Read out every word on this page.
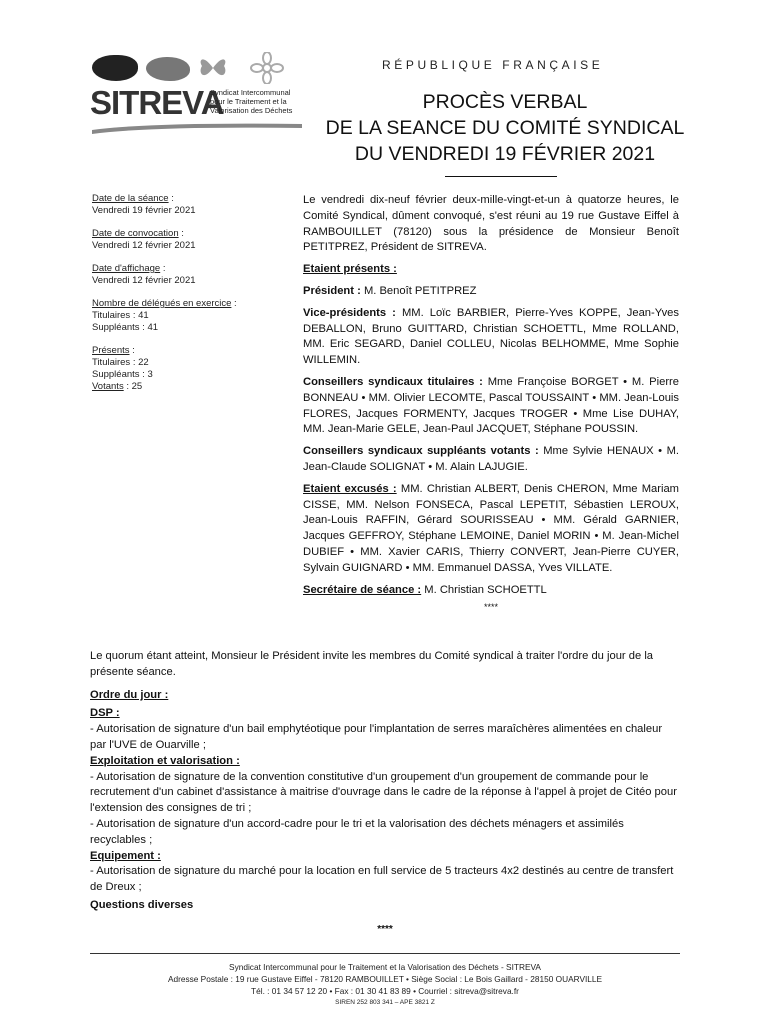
SITREVA
Syndicat Intercommunal
pour le Traitement et la
Valorisation des Déchets
RÉPUBLIQUE FRANÇAISE
PROCÈS VERBAL
DE LA SEANCE DU COMITÉ SYNDICAL
DU VENDREDI 19 FÉVRIER 2021
Date de la séance :
Vendredi 19 février 2021
Date de convocation :
Vendredi 12 février 2021
Date d'affichage :
Vendredi 12 février 2021
Nombre de délégués en exercice :
Titulaires : 41
Suppléants : 41
Présents :
Titulaires : 22
Suppléants : 3
Votants : 25

Le vendredi dix-neuf février deux-mille-vingt-et-un à quatorze heures, le Comité Syndical, dûment convoqué, s'est réuni au 19 rue Gustave Eiffel à RAMBOUILLET (78120) sous la présidence de Monsieur Benoît PETITPREZ, Président de SITREVA.

Etaient présents :

Président : M. Benoît PETITPREZ

Vice-présidents : MM. Loïc BARBIER, Pierre-Yves KOPPE, Jean-Yves DEBALLON, Bruno GUITTARD, Christian SCHOETTL, Mme ROLLAND, MM. Eric SEGARD, Daniel COLLEU, Nicolas BELHOMME, Mme Sophie WILLEMIN.

Conseillers syndicaux titulaires : Mme Françoise BORGET • M. Pierre BONNEAU • MM. Olivier LECOMTE, Pascal TOUSSAINT • MM. Jean-Louis FLORES, Jacques FORMENTY, Jacques TROGER • Mme Lise DUHAY, MM. Jean-Marie GELE, Jean-Paul JACQUET, Stéphane POUSSIN.

Conseillers syndicaux suppléants votants : Mme Sylvie HENAUX • M. Jean-Claude SOLIGNAT • M. Alain LAJUGIE.

Etaient excusés : MM. Christian ALBERT, Denis CHERON, Mme Mariam CISSE, MM. Nelson FONSECA, Pascal LEPETIT, Sébastien LEROUX, Jean-Louis RAFFIN, Gérard SOURISSEAU • MM. Gérald GARNIER, Jacques GEFFROY, Stéphane LEMOINE, Daniel MORIN • M. Jean-Michel DUBIEF • MM. Xavier CARIS, Thierry CONVERT, Jean-Pierre CUYER, Sylvain GUIGNARD • MM. Emmanuel DASSA, Yves VILLATE.

Secrétaire de séance : M. Christian SCHOETTL

****

Le quorum étant atteint, Monsieur le Président invite les membres du Comité syndical à traiter l'ordre du jour de la présente séance.

Ordre du jour :

DSP :

- Autorisation de signature d'un bail emphytéotique pour l'implantation de serres maraîchères alimentées en chaleur par l'UVE de Ouarville ;

Exploitation et valorisation :

- Autorisation de signature de la convention constitutive d'un groupement d'un groupement de commande pour le recrutement d'un cabinet d'assistance à maitrise d'ouvrage dans le cadre de la réponse à l'appel à projet de Citéo pour l'extension des consignes de tri ;

- Autorisation de signature d'un accord-cadre pour le tri et la valorisation des déchets ménagers et assimilés recyclables ;

Equipement :

- Autorisation de signature du marché pour la location en full service de 5 tracteurs 4x2 destinés au centre de transfert de Dreux ;

Questions diverses

****

Syndicat Intercommunal pour le Traitement et la Valorisation des Déchets - SITREVA
Adresse Postale : 19 rue Gustave Eiffel - 78120 RAMBOUILLET • Siège Social : Le Bois Gaillard - 28150 OUARVILLE
Tél. : 01 34 57 12 20 • Fax : 01 30 41 83 89 • Courriel : sitreva@sitreva.fr
SIREN 252 803 341 – APE 3821 Z
